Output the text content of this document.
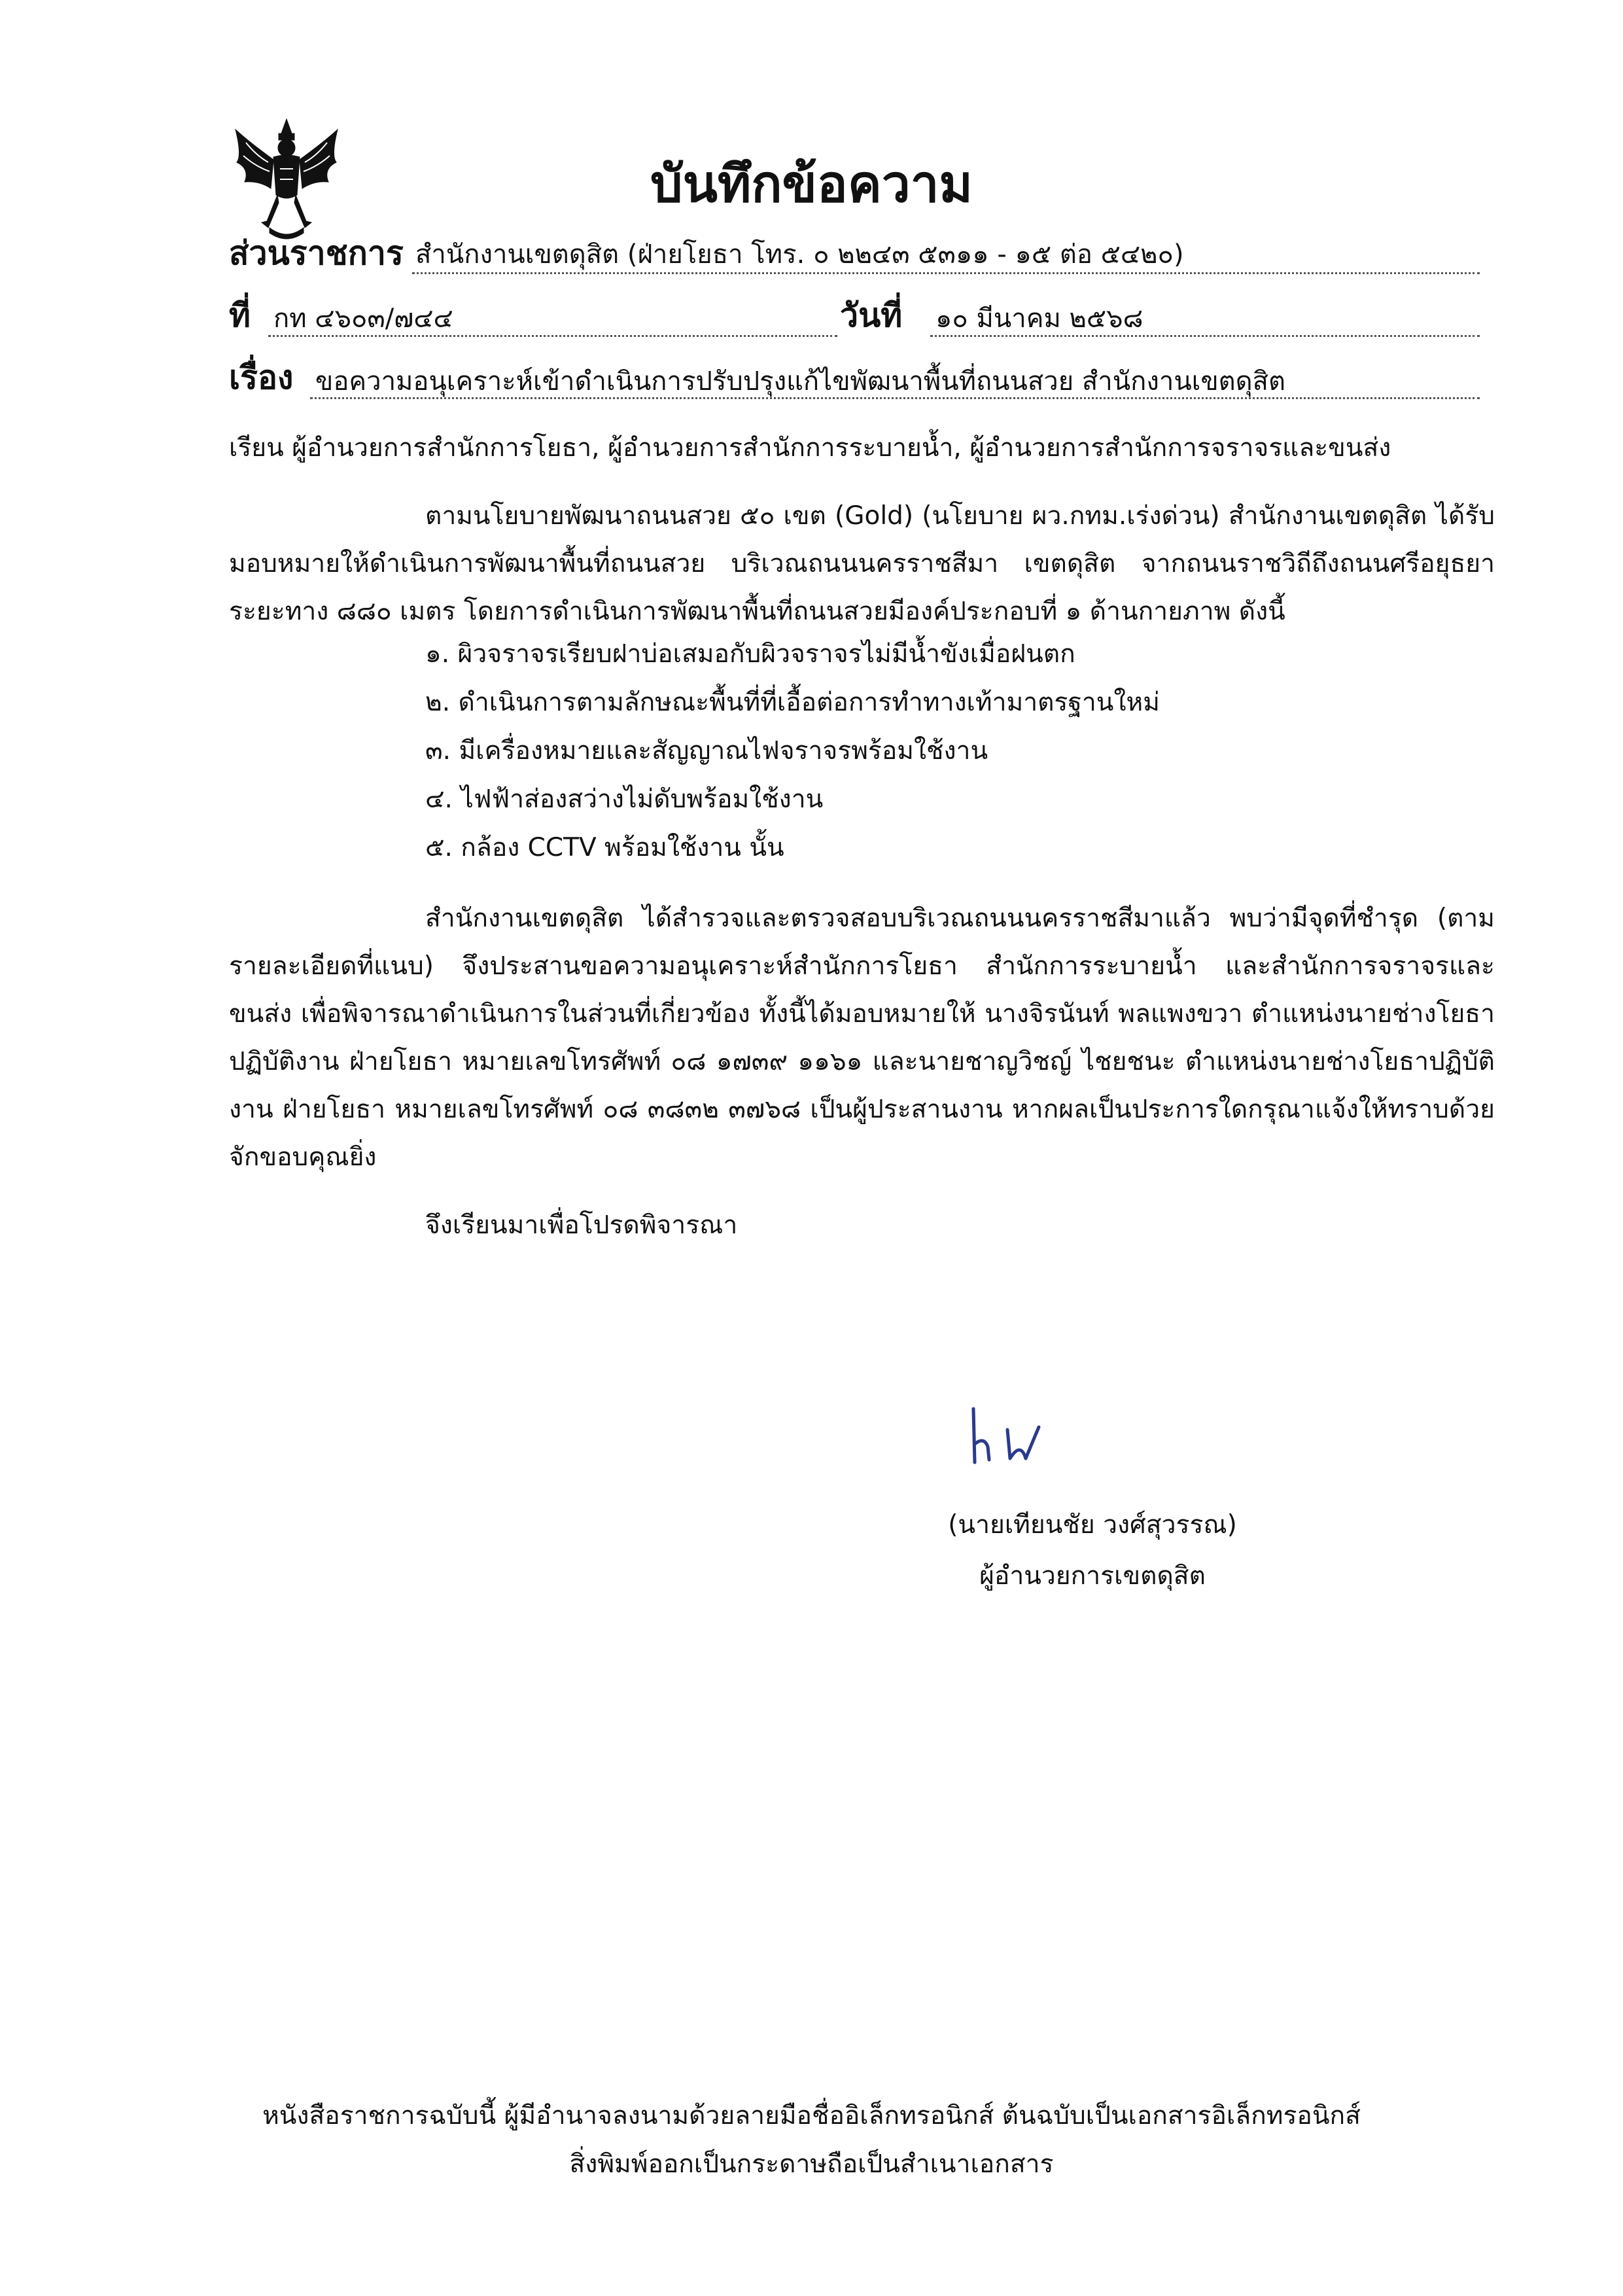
บันทึกข้อความ
ส่วนราชการ สำนักงานเขตดุสิต (ฝ่ายโยธา โทร. ๐ ๒๒๔๓ ๕๓๑๑ - ๑๕ ต่อ ๕๔๒๐)
ที่ กท ๔๖๐๓/๗๔๔	วันที่ ๑๐ มีนาคม ๒๕๖๘
เรื่อง ขอความอนุเคราะห์เข้าดำเนินการปรับปรุงแก้ไขพัฒนาพื้นที่ถนนสวย สำนักงานเขตดุสิต

เรียน ผู้อำนวยการสำนักการโยธา, ผู้อำนวยการสำนักการระบายน้ำ, ผู้อำนวยการสำนักการจราจรและขนส่ง

ตามนโยบายพัฒนาถนนสวย ๕๐ เขต (Gold) (นโยบาย ผว.กทม.เร่งด่วน) สำนักงานเขตดุสิต ได้รับมอบหมายให้ดำเนินการพัฒนาพื้นที่ถนนสวย บริเวณถนนนครราชสีมา เขตดุสิต จากถนนราชวิถีถึงถนนศรีอยุธยา ระยะทาง ๘๘๐ เมตร โดยการดำเนินการพัฒนาพื้นที่ถนนสวยมีองค์ประกอบที่ ๑ ด้านกายภาพ ดังนี้

๑. ผิวจราจรเรียบฝาบ่อเสมอกับผิวจราจรไม่มีน้ำขังเมื่อฝนตก
๒. ดำเนินการตามลักษณะพื้นที่ที่เอื้อต่อการทำทางเท้ามาตรฐานใหม่
๓. มีเครื่องหมายและสัญญาณไฟจราจรพร้อมใช้งาน
๔. ไฟฟ้าส่องสว่างไม่ดับพร้อมใช้งาน
๕. กล้อง CCTV พร้อมใช้งาน นั้น

สำนักงานเขตดุสิต ได้สำรวจและตรวจสอบบริเวณถนนนครราชสีมาแล้ว พบว่ามีจุดที่ชำรุด (ตามรายละเอียดที่แนบ) จึงประสานขอความอนุเคราะห์สำนักการโยธา สำนักการระบายน้ำ และสำนักการจราจรและขนส่ง เพื่อพิจารณาดำเนินการในส่วนที่เกี่ยวข้อง ทั้งนี้ได้มอบหมายให้ นางจิรนันท์ พลแพงขวา ตำแหน่งนายช่างโยธาปฏิบัติงาน ฝ่ายโยธา หมายเลขโทรศัพท์ ๐๘ ๑๗๓๙ ๑๑๖๑ และนายชาญวิชญ์ ไชยชนะ ตำแหน่งนายช่างโยธาปฏิบัติงาน ฝ่ายโยธา หมายเลขโทรศัพท์ ๐๘ ๓๘๓๒ ๓๗๖๘ เป็นผู้ประสานงาน หากผลเป็นประการใดกรุณาแจ้งให้ทราบด้วย จักขอบคุณยิ่ง

จึงเรียนมาเพื่อโปรดพิจารณา
(นายเทียนชัย วงศ์สุวรรณ)
ผู้อำนวยการเขตดุสิต
หนังสือราชการฉบับนี้ ผู้มีอำนาจลงนามด้วยลายมือชื่ออิเล็กทรอนิกส์ ต้นฉบับเป็นเอกสารอิเล็กทรอนิกส์
สิ่งพิมพ์ออกเป็นกระดาษถือเป็นสำเนาเอกสาร
